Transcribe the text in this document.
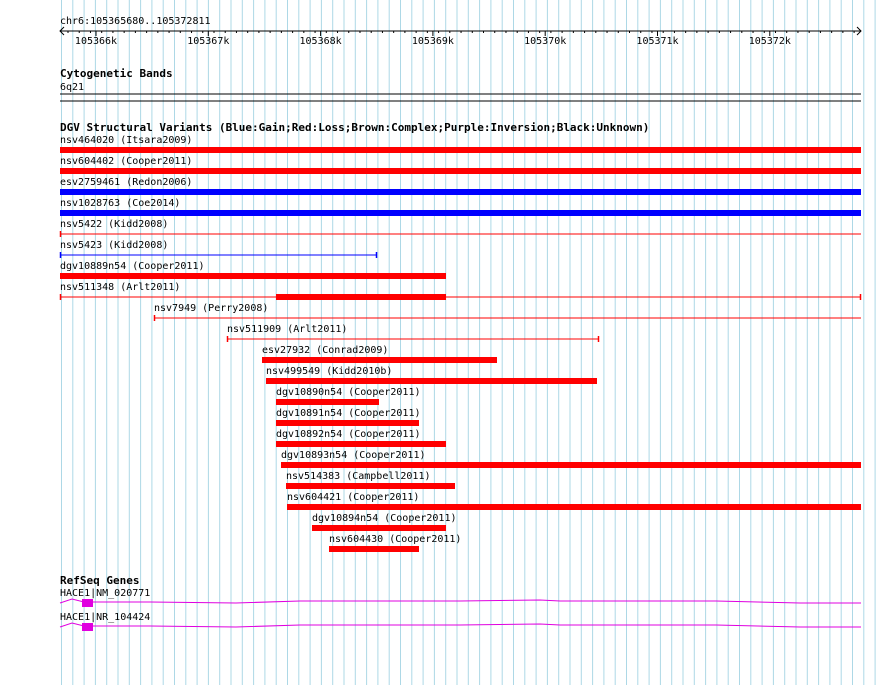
chr6:105365680..105372811
105366k	105367k	105368k	105369k	105370k	105371k	105372k
Cytogenetic Bands
6q21
DGV Structural Variants (Blue:Gain;Red:Loss;Brown:Complex;Purple:Inversion;Black:Unknown)
nsv464020 (Itsara2009)
nsv604402 (Cooper2011)
esv2759461 (Redon2006)
nsv1028763 (Coe2014)
nsv5422 (Kidd2008)
nsv5423 (Kidd2008)
dgv10889n54 (Cooper2011)
nsv511348 (Arlt2011)
nsv7949 (Perry2008)
nsv511909 (Arlt2011)
esv27932 (Conrad2009)
nsv499549 (Kidd2010b)
dgv10890n54 (Cooper2011)
dgv10891n54 (Cooper2011)
dgv10892n54 (Cooper2011)
dgv10893n54 (Cooper2011)
nsv514383 (Campbell2011)
nsv604421 (Cooper2011)
dgv10894n54 (Cooper2011)
nsv604430 (Cooper2011)
RefSeq Genes
HACE1|NM_020771
HACE1|NR_104424
